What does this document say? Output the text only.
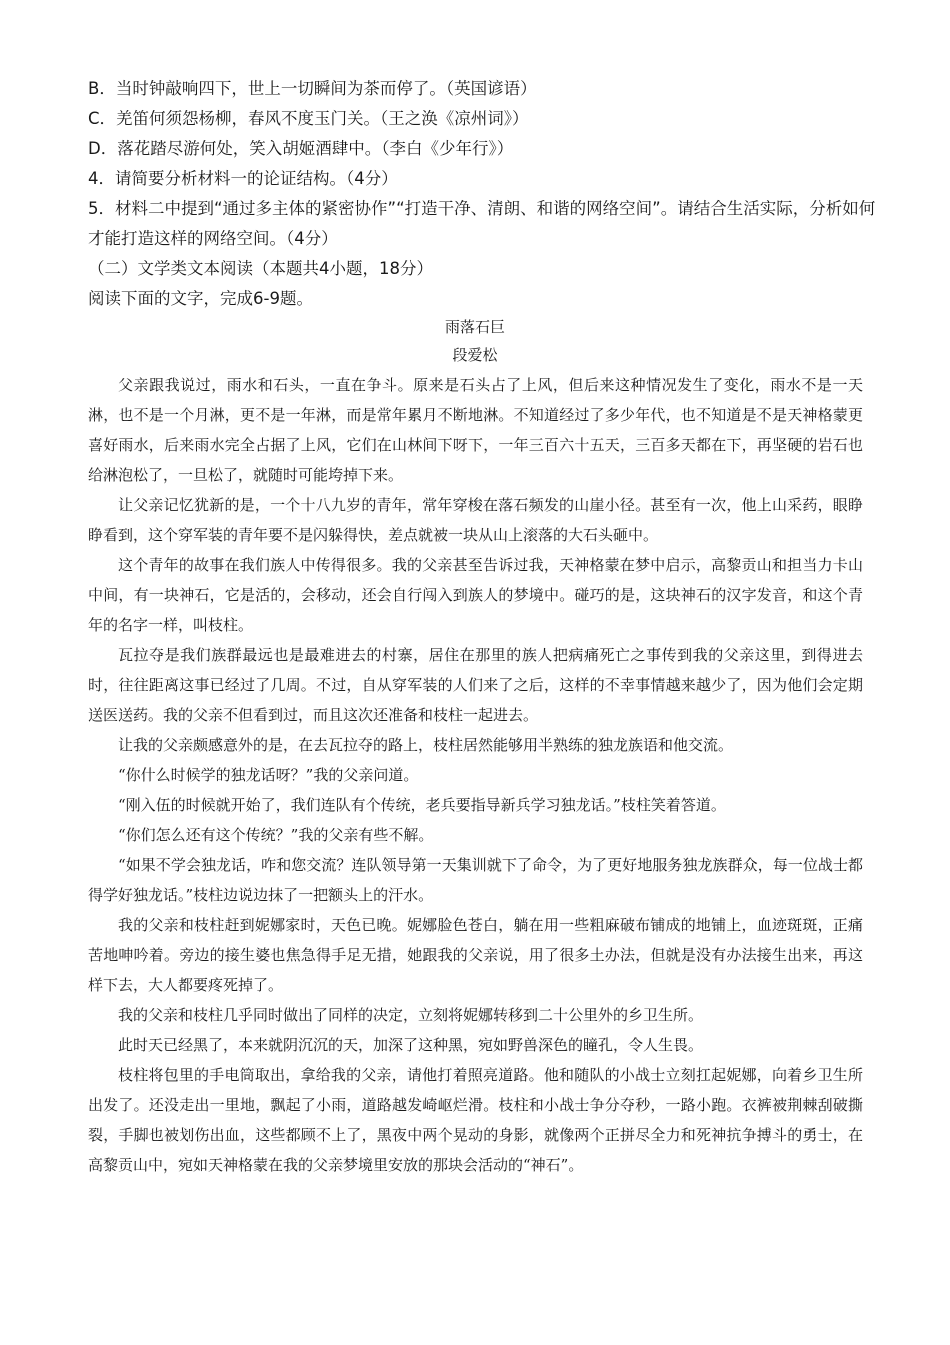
B．当时钟敲响四下，世上一切瞬间为茶而停了。（英国谚语）
C．羌笛何须怨杨柳，春风不度玉门关。（王之涣《凉州词》）
D．落花踏尽游何处，笑入胡姬酒肆中。（李白《少年行》）
4．请简要分析材料一的论证结构。（4分）
5．材料二中提到“通过多主体的紧密协作”“打造干净、清朗、和谐的网络空间”。请结合生活实际，分析如何才能打造这样的网络空间。（4分）
（二）文学类文本阅读（本题共4小题，18分）
阅读下面的文字，完成6-9题。
雨落石巨
段爱松

父亲跟我说过，雨水和石头，一直在争斗。原来是石头占了上风，但后来这种情况发生了变化，雨水不是一天淋，也不是一个月淋，更不是一年淋，而是常年累月不断地淋。不知道经过了多少年代，也不知道是不是天神格蒙更喜好雨水，后来雨水完全占据了上风，它们在山林间下呀下，一年三百六十五天，三百多天都在下，再坚硬的岩石也给淋泡松了，一旦松了，就随时可能垮掉下来。

让父亲记忆犹新的是，一个十八九岁的青年，常年穿梭在落石频发的山崖小径。甚至有一次，他上山采药，眼睁睁看到，这个穿军装的青年要不是闪躲得快，差点就被一块从山上滚落的大石头砸中。

这个青年的故事在我们族人中传得很多。我的父亲甚至告诉过我，天神格蒙在梦中启示，高黎贡山和担当力卡山中间，有一块神石，它是活的，会移动，还会自行闯入到族人的梦境中。碰巧的是，这块神石的汉字发音，和这个青年的名字一样，叫枝柱。

瓦拉夺是我们族群最远也是最难进去的村寨，居住在那里的族人把病痛死亡之事传到我的父亲这里，到得进去时，往往距离这事已经过了几周。不过，自从穿军装的人们来了之后，这样的不幸事情越来越少了，因为他们会定期送医送药。我的父亲不但看到过，而且这次还准备和枝柱一起进去。

让我的父亲颇感意外的是，在去瓦拉夺的路上，枝柱居然能够用半熟练的独龙族语和他交流。

“你什么时候学的独龙话呀？”我的父亲问道。

“刚入伍的时候就开始了，我们连队有个传统，老兵要指导新兵学习独龙话。”枝柱笑着答道。

“你们怎么还有这个传统？”我的父亲有些不解。

“如果不学会独龙话，咋和您交流？连队领导第一天集训就下了命令，为了更好地服务独龙族群众，每一位战士都得学好独龙话。”枝柱边说边抹了一把额头上的汗水。

我的父亲和枝柱赶到妮娜家时，天色已晚。妮娜脸色苍白，躺在用一些粗麻破布铺成的地铺上，血迹斑斑，正痛苦地呻吟着。旁边的接生婆也焦急得手足无措，她跟我的父亲说，用了很多土办法，但就是没有办法接生出来，再这样下去，大人都要疼死掉了。

我的父亲和枝柱几乎同时做出了同样的决定，立刻将妮娜转移到二十公里外的乡卫生所。

此时天已经黑了，本来就阴沉沉的天，加深了这种黑，宛如野兽深色的瞳孔，令人生畏。

枝柱将包里的手电筒取出，拿给我的父亲，请他打着照亮道路。他和随队的小战士立刻扛起妮娜，向着乡卫生所出发了。还没走出一里地，飘起了小雨，道路越发崎岖烂滑。枝柱和小战士争分夺秒，一路小跑。衣裤被荆棘刮破撕裂，手脚也被划伤出血，这些都顾不上了，黑夜中两个晃动的身影，就像两个正拼尽全力和死神抗争搏斗的勇士，在高黎贡山中，宛如天神格蒙在我的父亲梦境里安放的那块会活动的“神石”。
